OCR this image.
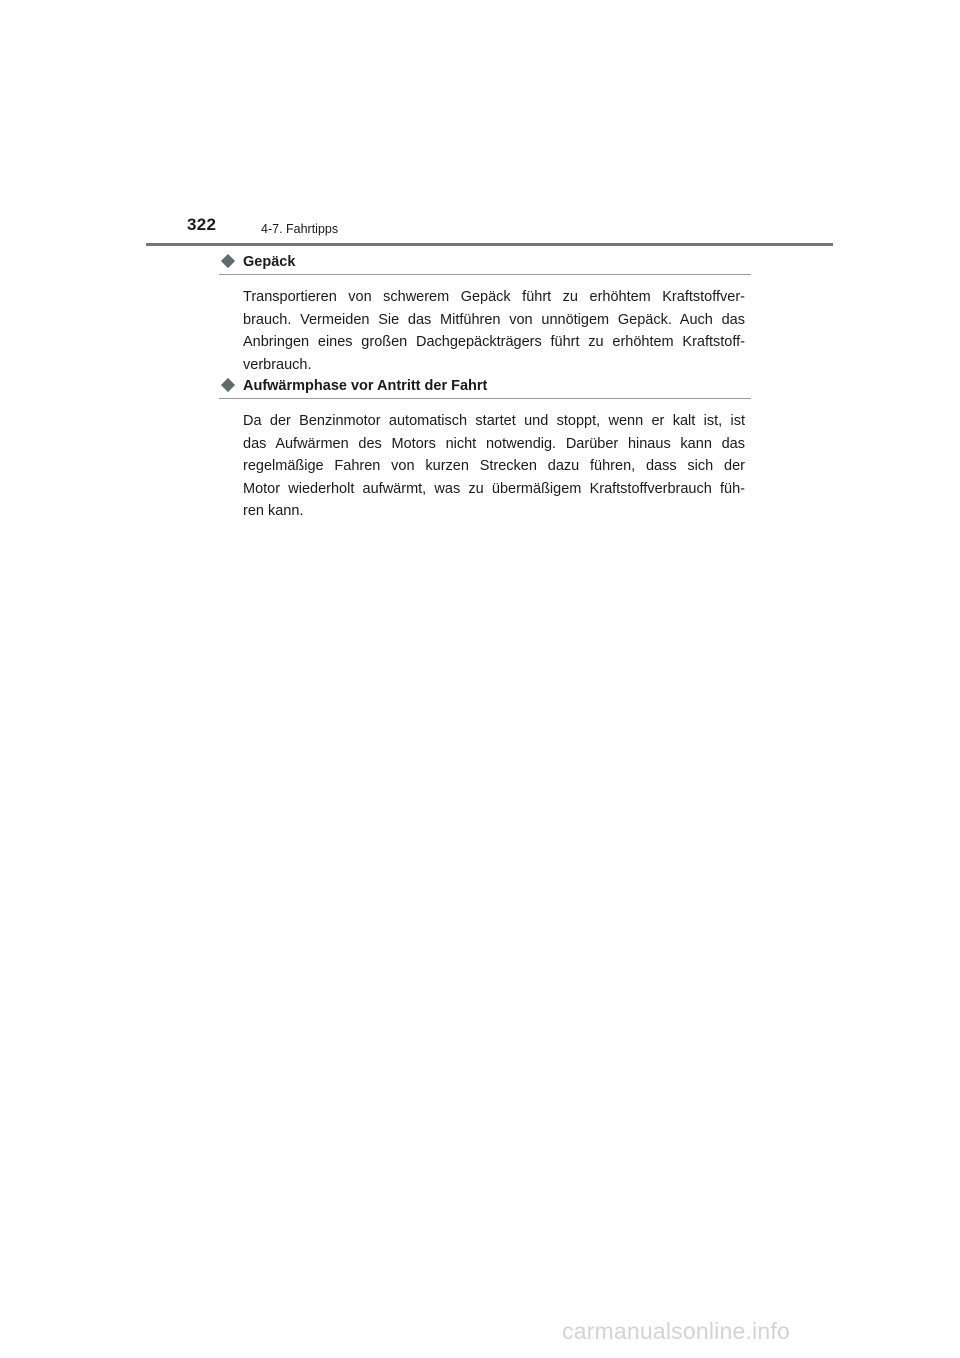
322	4-7. Fahrtipps
Gepäck
Transportieren von schwerem Gepäck führt zu erhöhtem Kraftstoffver-
brauch. Vermeiden Sie das Mitführen von unnötigem Gepäck. Auch das
Anbringen eines großen Dachgepäckträgers führt zu erhöhtem Kraftstoff-
verbrauch.
Aufwärmphase vor Antritt der Fahrt
Da der Benzinmotor automatisch startet und stoppt, wenn er kalt ist, ist
das Aufwärmen des Motors nicht notwendig. Darüber hinaus kann das
regelmäßige Fahren von kurzen Strecken dazu führen, dass sich der
Motor wiederholt aufwärmt, was zu übermäßigem Kraftstoffverbrauch füh-
ren kann.
carmanualsonline.info
